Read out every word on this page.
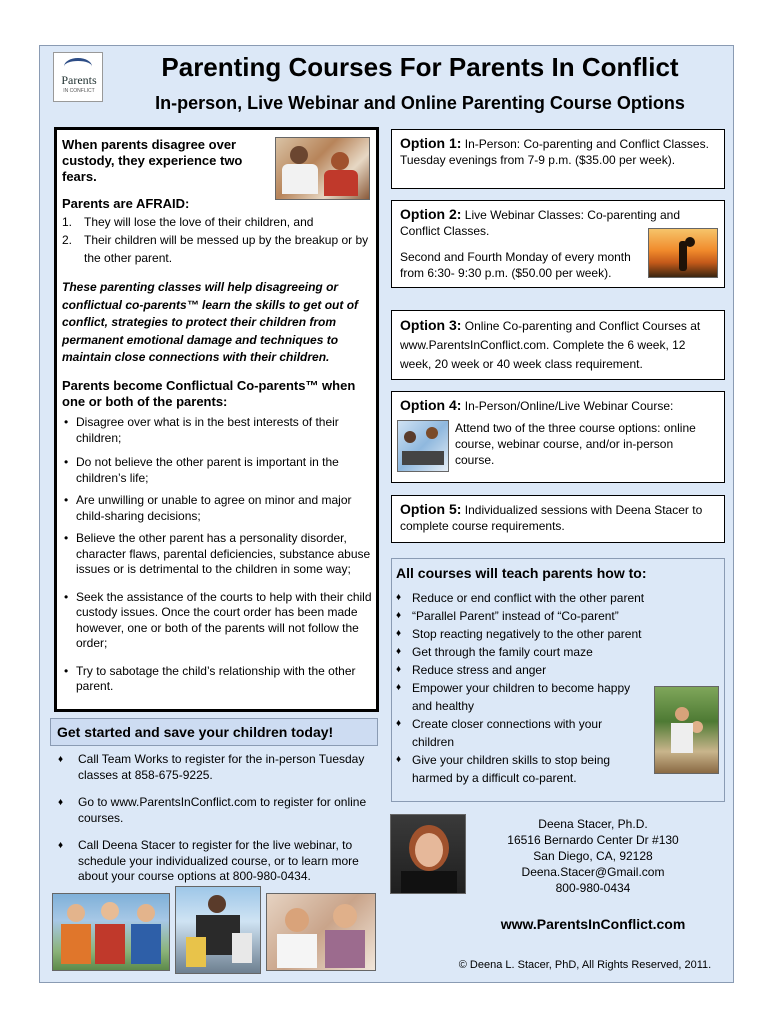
Parents
IN CONFLICT
Parenting Courses For Parents In Conflict
In-person, Live Webinar and Online Parenting Course Options
When parents disagree over custody, they experience two fears.
Parents are AFRAID:
1. They will lose the love of their children, and
2. Their children will be messed up by the breakup or by the other parent.
These parenting classes will help disagreeing or conflictual co-parents™ learn the skills to get out of conflict, strategies to protect their children from permanent emotional damage and techniques to maintain close connections with their children.
Parents become Conflictual Co-parents™ when one or both of the parents:
• Disagree over what is in the best interests of their children;
• Do not believe the other parent is important in the children’s life;
• Are unwilling or unable to agree on minor and major child-sharing decisions;
• Believe the other parent has a personality disorder, character flaws, parental deficiencies, substance abuse issues or is detrimental to the children in some way;
• Seek the assistance of the courts to help with their child custody issues. Once the court order has been made however, one or both of the parents will not follow the order;
• Try to sabotage the child’s relationship with the other parent.
Option 1: In-Person: Co-parenting and Conflict Classes. Tuesday evenings from 7-9 p.m. ($35.00 per week).
Option 2: Live Webinar Classes: Co-parenting and Conflict Classes.
Second and Fourth Monday of every month from 6:30- 9:30 p.m. ($50.00 per week).
Option 3: Online Co-parenting and Conflict Courses at www.ParentsInConflict.com. Complete the 6 week, 12 week, 20 week or 40 week class requirement.
Option 4: In-Person/Online/Live Webinar Course:
Attend two of the three course options: online course, webinar course, and/or in-person course.
Option 5: Individualized sessions with Deena Stacer to complete course requirements.
All courses will teach parents how to:
♦ Reduce or end conflict with the other parent
♦ “Parallel Parent” instead of “Co-parent”
♦ Stop reacting negatively to the other parent
♦ Get through the family court maze
♦ Reduce stress and anger
♦ Empower your children to become happy and healthy
♦ Create closer connections with your children
♦ Give your children skills to stop being harmed by a difficult co-parent.
Get started and save your children today!
♦ Call Team Works to register for the in-person Tuesday classes at 858-675-9225.
♦ Go to www.ParentsInConflict.com to register for online courses.
♦ Call Deena Stacer to register for the live webinar, to schedule your individualized course, or to learn more about your course options at 800-980-0434.
Deena Stacer, Ph.D.
16516 Bernardo Center Dr #130
San Diego, CA, 92128
Deena.Stacer@Gmail.com
800-980-0434
www.ParentsInConflict.com
© Deena L. Stacer, PhD, All Rights Reserved, 2011.
